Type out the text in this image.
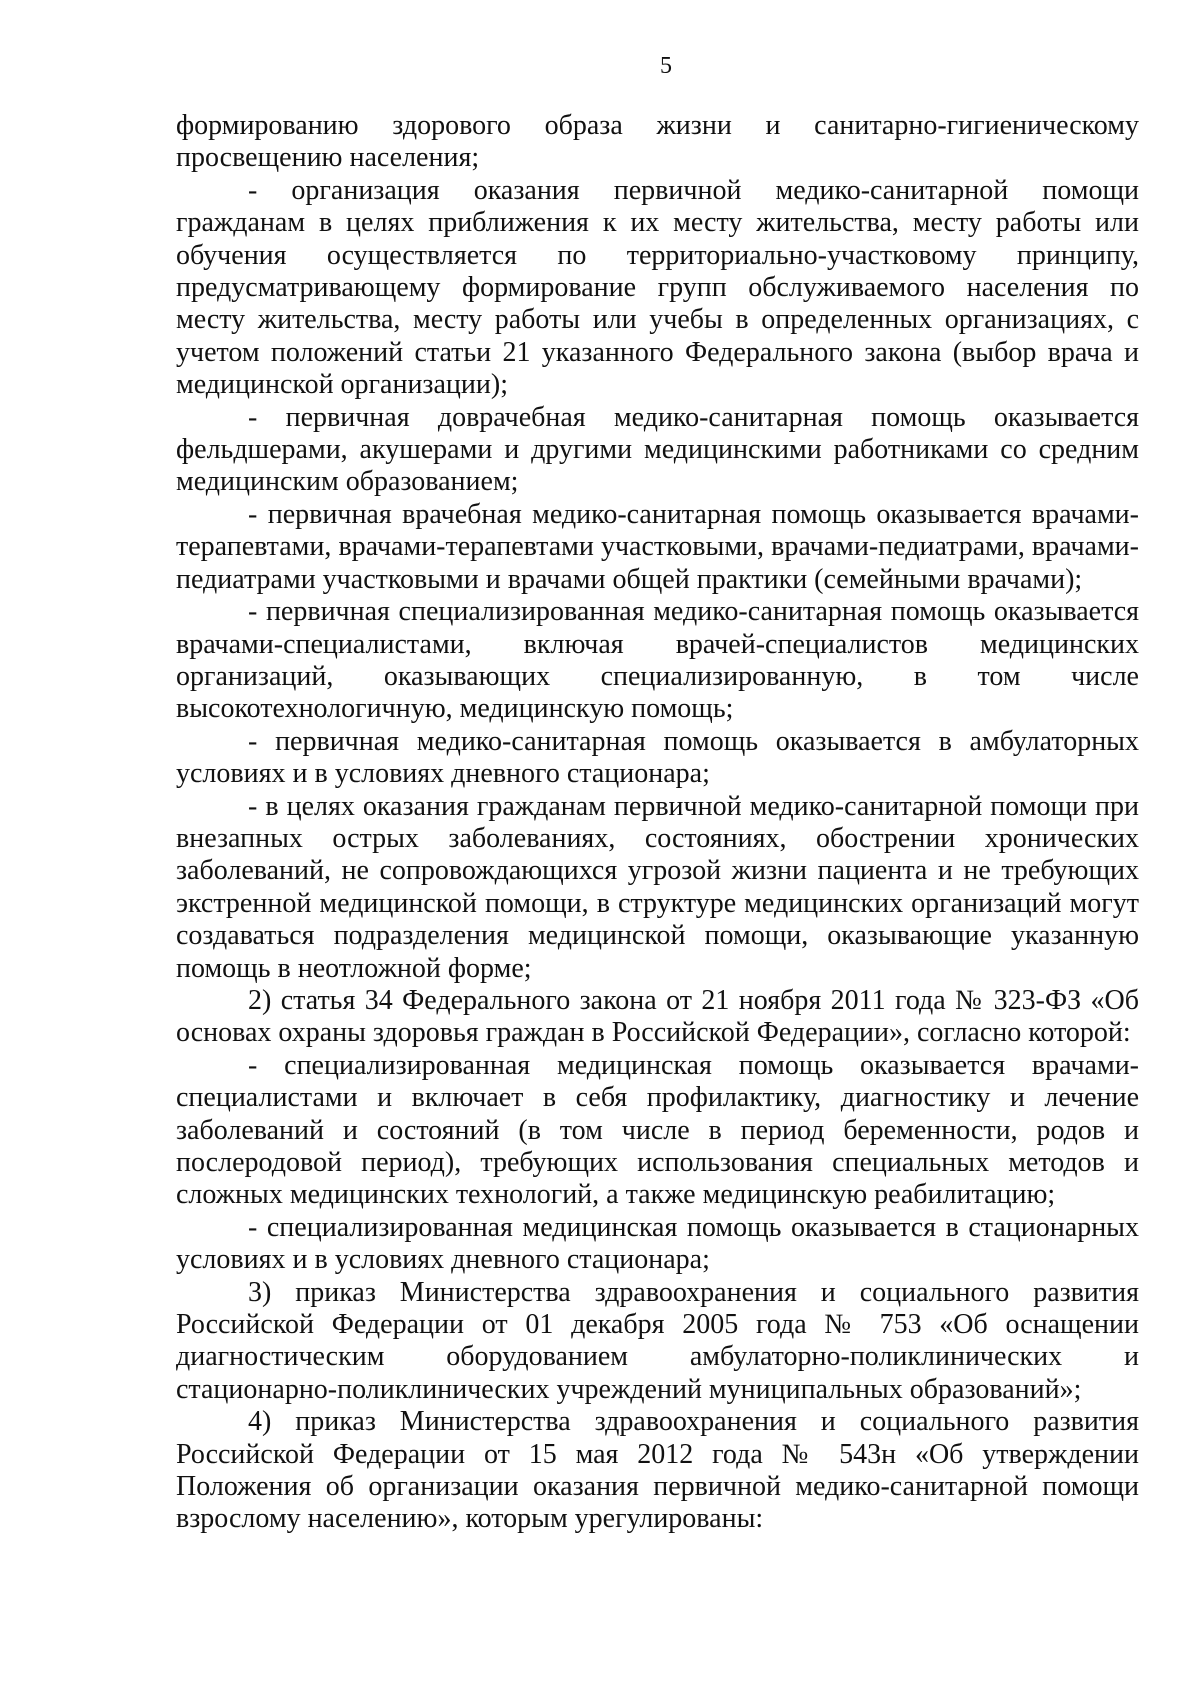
5

формированию здорового образа жизни и санитарно-гигиеническому просвещению населения;

- организация оказания первичной медико-санитарной помощи гражданам в целях приближения к их месту жительства, месту работы или обучения осуществляется по территориально-участковому принципу, предусматривающему формирование групп обслуживаемого населения по месту жительства, месту работы или учебы в определенных организациях, с учетом положений статьи 21 указанного Федерального закона (выбор врача и медицинской организации);

- первичная доврачебная медико-санитарная помощь оказывается фельдшерами, акушерами и другими медицинскими работниками со средним медицинским образованием;

- первичная врачебная медико-санитарная помощь оказывается врачами-терапевтами, врачами-терапевтами участковыми, врачами-педиатрами, врачами-педиатрами участковыми и врачами общей практики (семейными врачами);

- первичная специализированная медико-санитарная помощь оказывается врачами-специалистами, включая врачей-специалистов медицинских организаций, оказывающих специализированную, в том числе высокотехнологичную, медицинскую помощь;

- первичная медико-санитарная помощь оказывается в амбулаторных условиях и в условиях дневного стационара;

- в целях оказания гражданам первичной медико-санитарной помощи при внезапных острых заболеваниях, состояниях, обострении хронических заболеваний, не сопровождающихся угрозой жизни пациента и не требующих экстренной медицинской помощи, в структуре медицинских организаций могут создаваться подразделения медицинской помощи, оказывающие указанную помощь в неотложной форме;

2) статья 34 Федерального закона от 21 ноября 2011 года № 323-ФЗ «Об основах охраны здоровья граждан в Российской Федерации», согласно которой:

- специализированная медицинская помощь оказывается врачами-специалистами и включает в себя профилактику, диагностику и лечение заболеваний и состояний (в том числе в период беременности, родов и послеродовой период), требующих использования специальных методов и сложных медицинских технологий, а также медицинскую реабилитацию;

- специализированная медицинская помощь оказывается в стационарных условиях и в условиях дневного стационара;

3) приказ Министерства здравоохранения и социального развития Российской Федерации от 01 декабря 2005 года № 753 «Об оснащении диагностическим оборудованием амбулаторно-поликлинических и стационарно-поликлинических учреждений муниципальных образований»;

4) приказ Министерства здравоохранения и социального развития Российской Федерации от 15 мая 2012 года № 543н «Об утверждении Положения об организации оказания первичной медико-санитарной помощи взрослому населению», которым урегулированы:
